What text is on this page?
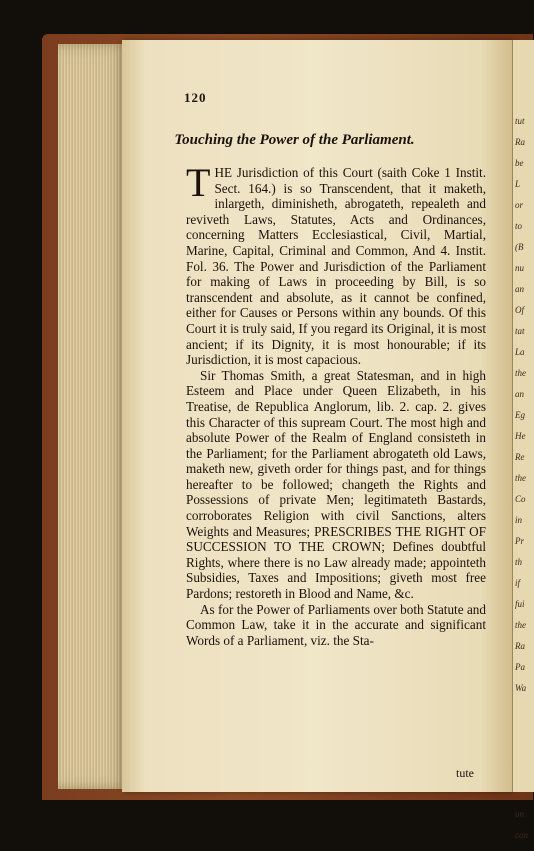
tut
Ra
be
L
or
to
(B
nu
an
Of
tat
La
the
an
Eg
He
Re
the
Co
in
Pr
th
if
fui
the
Ra
Pa
Wa
un
can
120
Touching the Power of the Parliament.

THE Jurisdiction of this Court (saith Coke 1 Instit. Sect. 164.) is so Transcendent, that it maketh, inlargeth, diminisheth, abrogateth, repealeth and reviveth Laws, Statutes, Acts and Ordinances, concerning Matters Ecclesiastical, Civil, Martial, Marine, Capital, Criminal and Common, And 4. Instit. Fol. 36. The Power and Jurisdiction of the Parliament for making of Laws in proceeding by Bill, is so transcendent and absolute, as it cannot be confined, either for Causes or Persons within any bounds. Of this Court it is truly said, If you regard its Original, it is most ancient; if its Dignity, it is most honourable; if its Jurisdiction, it is most capacious.

Sir Thomas Smith, a great Statesman, and in high Esteem and Place under Queen Elizabeth, in his Treatise, de Republica Anglorum, lib. 2. cap. 2. gives this Character of this supream Court. The most high and absolute Power of the Realm of England consisteth in the Parliament; for the Parliament abrogateth old Laws, maketh new, giveth order for things past, and for things hereafter to be followed; changeth the Rights and Possessions of private Men; legitimateth Bastards, corroborates Religion with civil Sanctions, alters Weights and Measures; PRESCRIBES THE RIGHT OF SUCCESSION TO THE CROWN; Defines doubtful Rights, where there is no Law already made; appointeth Subsidies, Taxes and Impositions; giveth most free Pardons; restoreth in Blood and Name, &c.

As for the Power of Parliaments over both Statute and Common Law, take it in the accurate and significant Words of a Parliament, viz. the Sta-

tute
